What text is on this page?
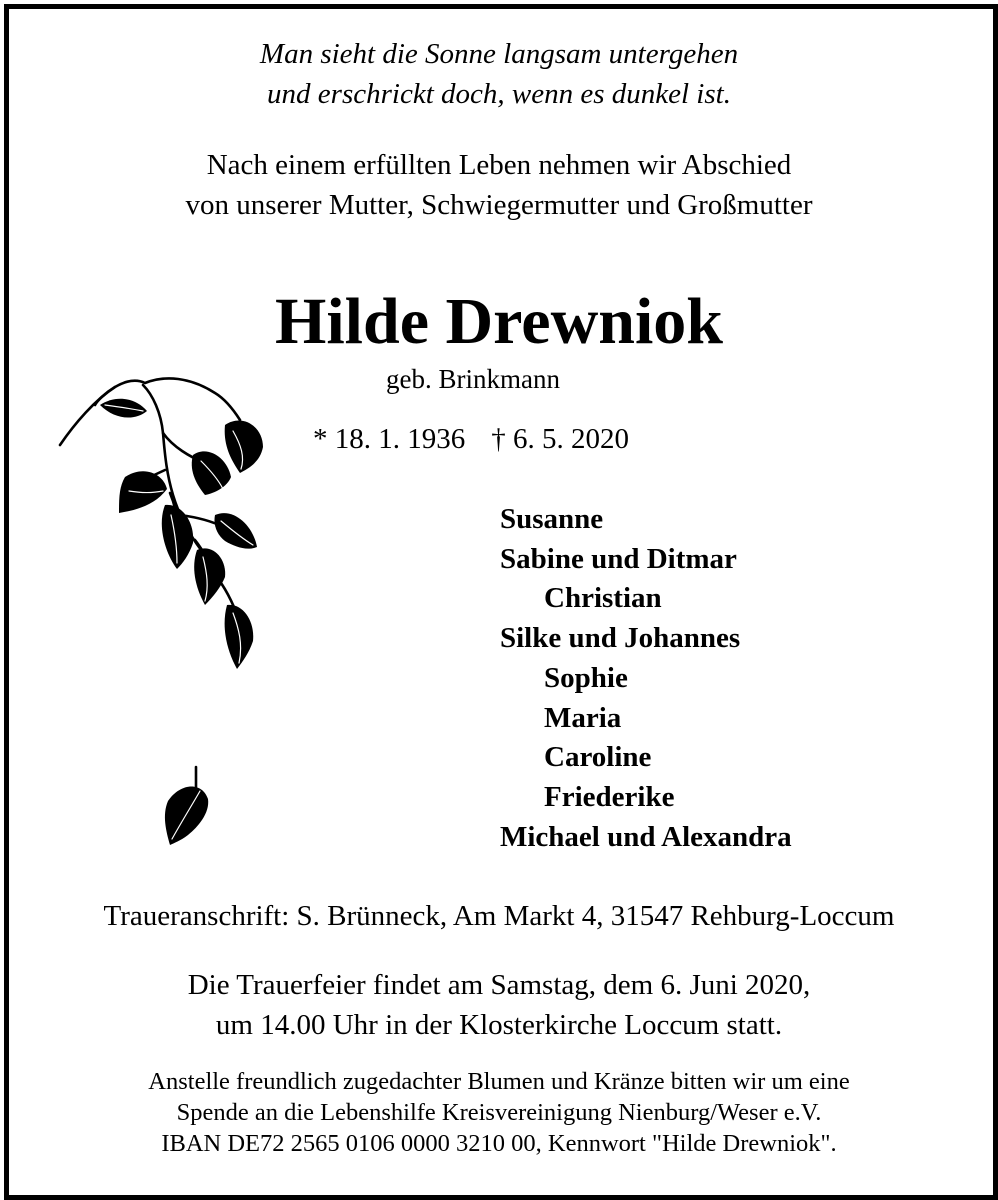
Man sieht die Sonne langsam untergehen
und erschrickt doch, wenn es dunkel ist.
Nach einem erfüllten Leben nehmen wir Abschied
von unserer Mutter, Schwiegermutter und Großmutter
Hilde Drewniok
geb. Brinkmann
* 18. 1. 1936 † 6. 5. 2020
Susanne
Sabine und Ditmar
Christian
Silke und Johannes
Sophie
Maria
Caroline
Friederike
Michael und Alexandra
Traueranschrift: S. Brünneck, Am Markt 4, 31547 Rehburg-Loccum
Die Trauerfeier findet am Samstag, dem 6. Juni 2020,
um 14.00 Uhr in der Klosterkirche Loccum statt.
Anstelle freundlich zugedachter Blumen und Kränze bitten wir um eine
Spende an die Lebenshilfe Kreisvereinigung Nienburg/Weser e.V.
IBAN DE72 2565 0106 0000 3210 00, Kennwort "Hilde Drewniok".
